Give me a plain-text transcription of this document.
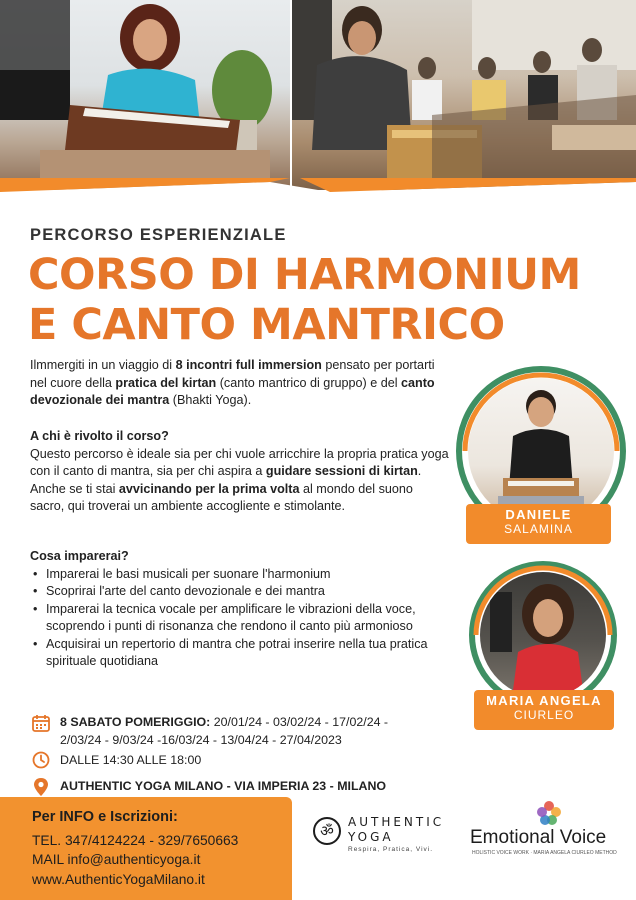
PERCORSO ESPERIENZIALE
CORSO DI HARMONIUM
E CANTO MANTRICO
Ilmmergiti in un viaggio di 8 incontri full immersion pensato per portarti nel cuore della pratica del kirtan (canto mantrico di gruppo) e del canto devozionale dei mantra (Bhakti Yoga).
A chi è rivolto il corso?
Questo percorso è ideale sia per chi vuole arricchire la propria pratica yoga con il canto di mantra, sia per chi aspira a guidare sessioni di kirtan. Anche se ti stai avvicinando per la prima volta al mondo del suono sacro, qui troverai un ambiente accogliente e stimolante.
Cosa imparerai?
• Imparerai le basi musicali per suonare l'harmonium
• Scoprirai l'arte del canto devozionale e dei mantra
• Imparerai la tecnica vocale per amplificare le vibrazioni della voce, scoprendo i punti di risonanza che rendono il canto più armonioso
• Acquisirai un repertorio di mantra che potrai inserire nella tua pratica spirituale quotidiana
8 SABATO POMERIGGIO: 20/01/24 - 03/02/24 - 17/02/24 - 2/03/24 - 9/03/24 -16/03/24 - 13/04/24 - 27/04/2023
DALLE 14:30 ALLE 18:00
AUTHENTIC YOGA MILANO - VIA IMPERIA 23 - MILANO
Per INFO e Iscrizioni:
TEL. 347/4124224 - 329/7650663
MAIL info@authenticyoga.it
www.AuthenticYogaMilano.it
DANIELE
SALAMINA
MARIA ANGELA
CIURLEO
ॐ AUTHENTIC
YOGA
Respira, Pratica, Vivi.
Emotional Voice
HOLISTIC VOICE WORK · MARIA ANGELA CIURLEO METHOD
